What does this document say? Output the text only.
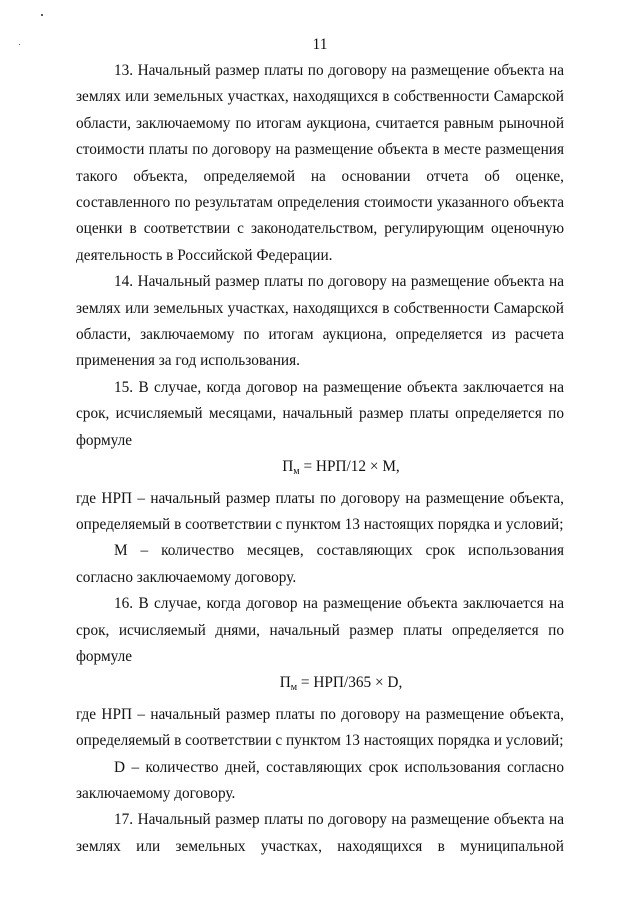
11

13. Начальный размер платы по договору на размещение объекта на землях или земельных участках, находящихся в собственности Самарской области, заключаемому по итогам аукциона, считается равным рыночной стоимости платы по договору на размещение объекта в месте размещения такого объекта, определяемой на основании отчета об оценке, составленного по результатам определения стоимости указанного объекта оценки в соответствии с законодательством, регулирующим оценочную деятельность в Российской Федерации.

14. Начальный размер платы по договору на размещение объекта на землях или земельных участках, находящихся в собственности Самарской области, заключаемому по итогам аукциона, определяется из расчета применения за год использования.

15. В случае, когда договор на размещение объекта заключается на срок, исчисляемый месяцами, начальный размер платы определяется по формуле

$П_м = НРП/12 \times М$,

где НРП – начальный размер платы по договору на размещение объекта, определяемый в соответствии с пунктом 13 настоящих порядка и условий;

М – количество месяцев, составляющих срок использования согласно заключаемому договору.

16. В случае, когда договор на размещение объекта заключается на срок, исчисляемый днями, начальный размер платы определяется по формуле

$П_м = НРП/365 \times D$,

где НРП – начальный размер платы по договору на размещение объекта, определяемый в соответствии с пунктом 13 настоящих порядка и условий;

D – количество дней, составляющих срок использования согласно заключаемому договору.

17. Начальный размер платы по договору на размещение объекта на землях или земельных участках, находящихся в муниципальной
